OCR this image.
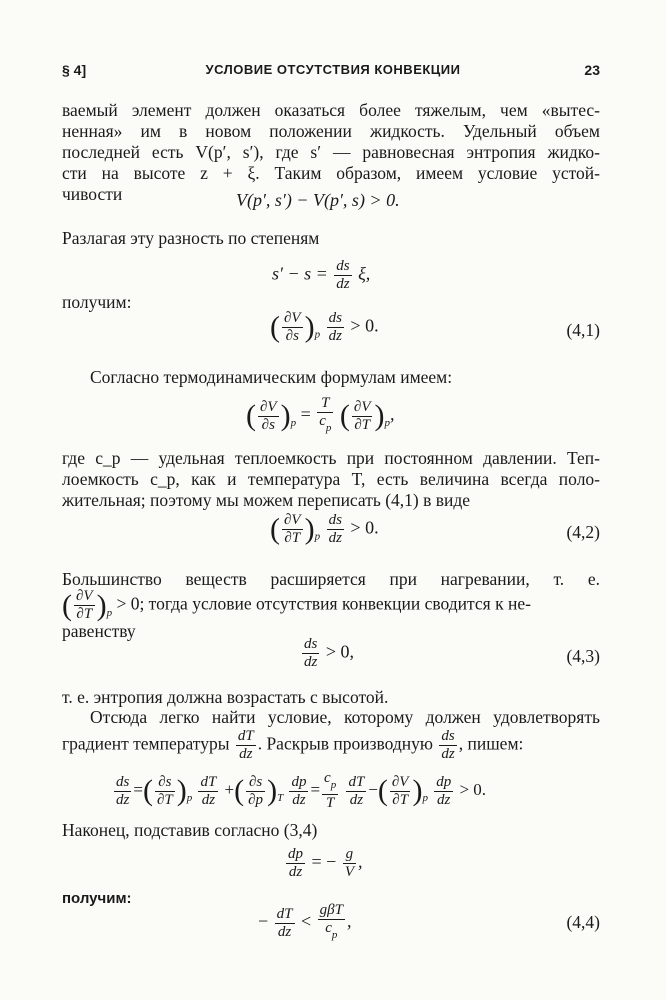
§ 4]	УСЛОВИЕ ОТСУТСТВИЯ КОНВЕКЦИИ	23
ваемый элемент должен оказаться более тяжелым, чем «вытес-
ненная» им в новом положении жидкость. Удельный объем
последней есть V(p′, s′), где s′ — равновесная энтропия жидко-
сти на высоте z + ξ. Таким образом, имеем условие устой-
чивости	V(p′, s′) − V(p′, s) > 0.
Разлагая эту разность по степеням
$s' - s = \frac{ds}{dz} \xi$,
получим:
( $\frac{\partial V}{\partial s} )_p \frac{ds}{dz} > 0$.	(4,1)
Согласно термодинамическим формулам имеем:
( $\frac{\partial V}{\partial s} )_p = \frac{T}{c_p}$ ( $\frac{\partial V}{\partial T} )_p$,
где c_p — удельная теплоемкость при постоянном давлении. Теп-
лоемкость c_p, как и температура T, есть величина всегда поло-
жительная; поэтому мы можем переписать (4,1) в виде
( $\frac{\partial V}{\partial T} )_p \frac{ds}{dz} > 0$.	(4,2)
Большинство веществ расширяется при нагревании, т. е.
( $\frac{\partial V}{\partial T} )_p > 0$; тогда условие отсутствия конвекции сводится к не-
равенству
$\frac{ds}{dz} > 0$,	(4,3)
т. е. энтропия должна возрастать с высотой.
Отсюда легко найти условие, которому должен удовлетворять
градиент температуры $\frac{dT}{dz}$ . Раскрыв производную $\frac{ds}{dz}$ , пишем:
$\frac{ds}{dz}$ =( $\frac{\partial s}{\partial T} )_p \frac{dT}{dz}$ +( $\frac{\partial s}{\partial p} )_T \frac{dp}{dz} = \frac{c_p}{T}$
$\frac{dT}{dz}$ −( $\frac{\partial V}{\partial T} )_p \frac{dp}{dz} > 0$.
Наконец, подставив согласно (3,4)
$\frac{dp}{dz}$ = − $\frac{g}{V}$ ,
получим:
− $\frac{dT}{dz} < \frac{\text{gβT}}{c_p}$ ,	(4,4)
